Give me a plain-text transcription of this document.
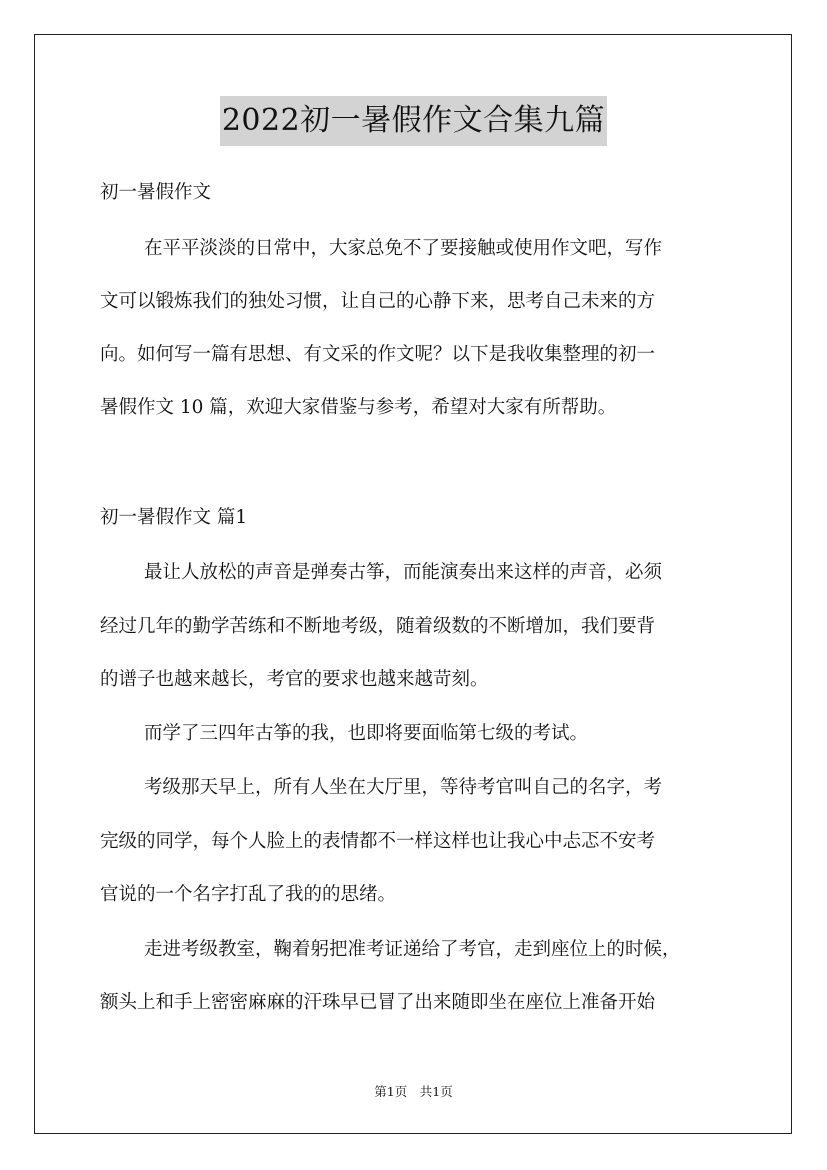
2022初一暑假作文合集九篇
初一暑假作文
在平平淡淡的日常中，大家总免不了要接触或使用作文吧，写作
文可以锻炼我们的独处习惯，让自己的心静下来，思考自己未来的方
向。如何写一篇有思想、有文采的作文呢？以下是我收集整理的初一
暑假作文 10 篇，欢迎大家借鉴与参考，希望对大家有所帮助。
初一暑假作文 篇1
最让人放松的声音是弹奏古筝，而能演奏出来这样的声音，必须
经过几年的勤学苦练和不断地考级，随着级数的不断增加，我们要背
的谱子也越来越长，考官的要求也越来越苛刻。
而学了三四年古筝的我，也即将要面临第七级的考试。
考级那天早上，所有人坐在大厅里，等待考官叫自己的名字，考
完级的同学，每个人脸上的表情都不一样这样也让我心中忐忑不安考
官说的一个名字打乱了我的的思绪。
走进考级教室，鞠着躬把准考证递给了考官，走到座位上的时候，
额头上和手上密密麻麻的汗珠早已冒了出来随即坐在座位上准备开始
第1页　共1页
